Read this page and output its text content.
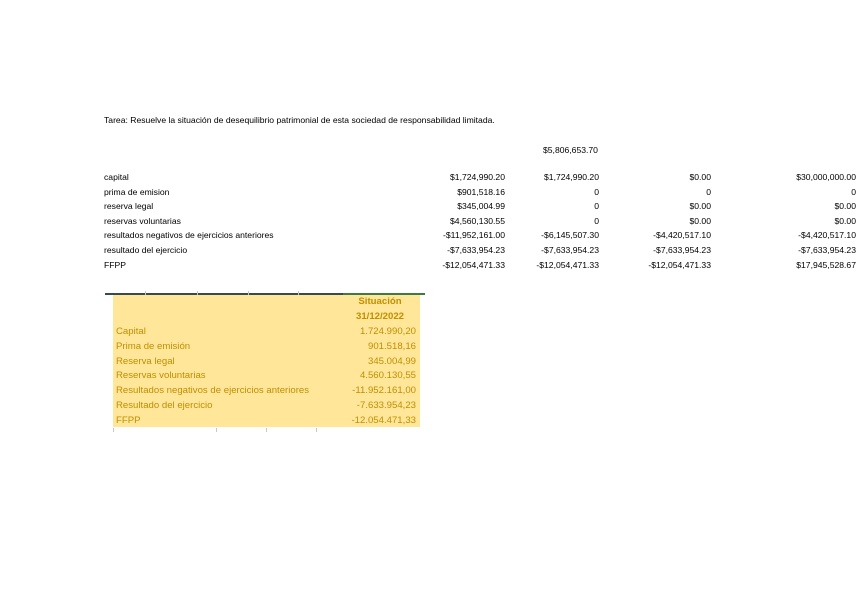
Tarea: Resuelve la situación de desequilibrio patrimonial de esta sociedad de responsabilidad limitada.
$5,806,653.70
capital	$1,724,990.20	$1,724,990.20	$0.00	$30,000,000.00
prima de emision	$901,518.16	0	0	0
reserva legal	$345,004.99	0	$0.00	$0.00
reservas voluntarias	$4,560,130.55	0	$0.00	$0.00
resultados negativos de ejercicios anteriores	-$11,952,161.00	-$6,145,507.30	-$4,420,517.10	-$4,420,517.10
resultado del ejercicio	-$7,633,954.23	-$7,633,954.23	-$7,633,954.23	-$7,633,954.23
FFPP	-$12,054,471.33	-$12,054,471.33	-$12,054,471.33	$17,945,528.67
Situación
31/12/2022
Capital	1.724.990,20
Prima de emisión	901.518,16
Reserva legal	345.004,99
Reservas voluntarias	4.560.130,55
Resultados negativos de ejercicios anteriores	-11.952.161,00
Resultado del ejercicio	-7.633.954,23
FFPP	-12.054.471,33
